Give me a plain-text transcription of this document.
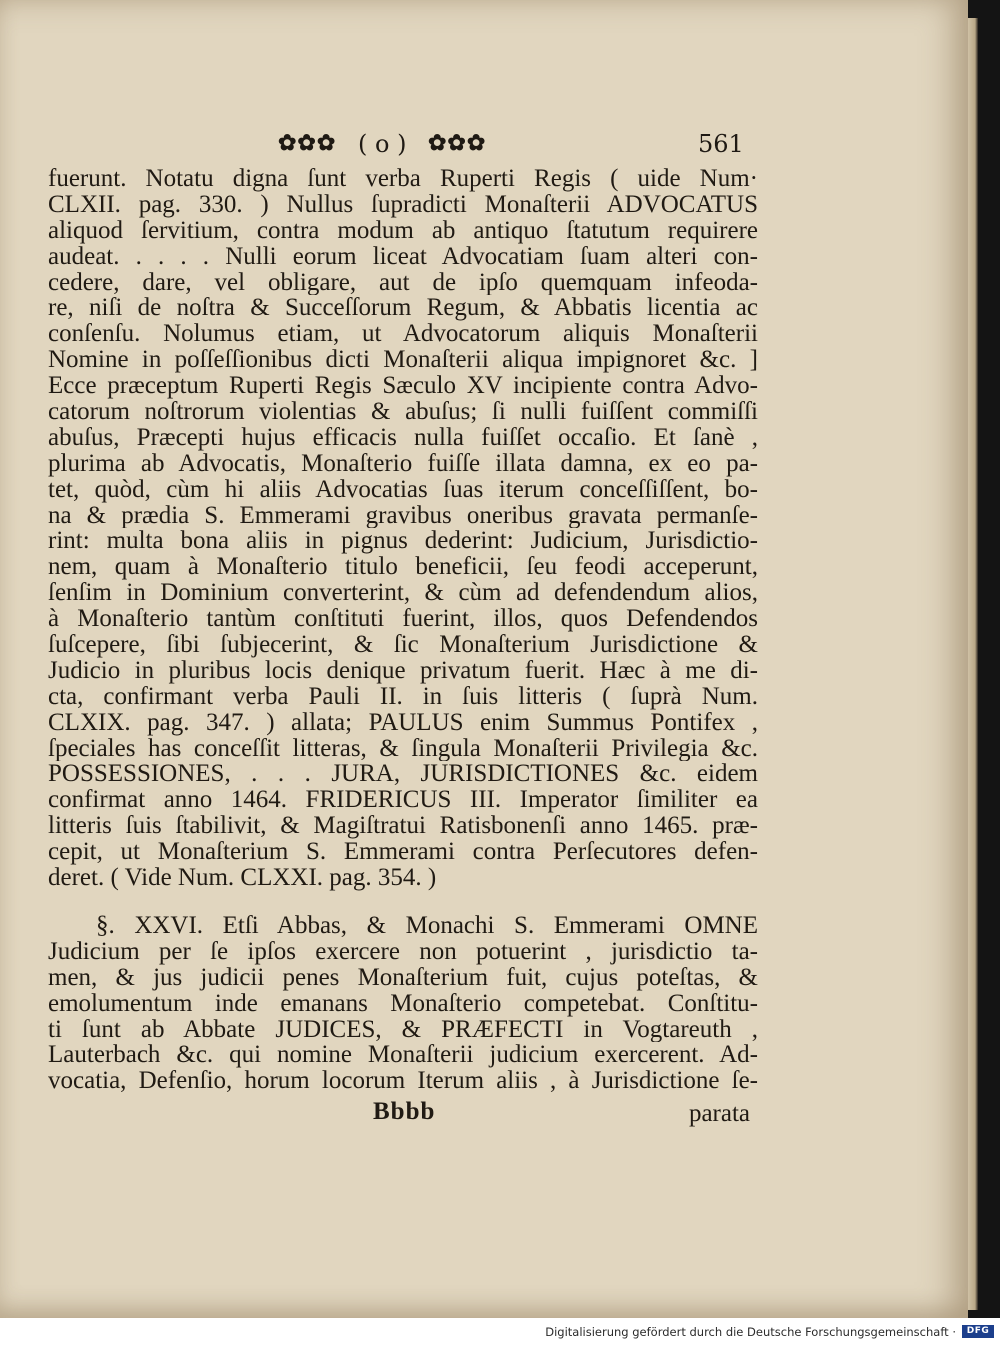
✿✿✿ ( o ) ✿✿✿	561
fuerunt. Notatu digna ſunt verba Ruperti Regis ( uide Num·
CLXII. pag. 330. ) Nullus ſupradicti Monaſterii ADVOCATUS
aliquod ſervitium, contra modum ab antiquo ſtatutum requirere
audeat. . . . . Nulli eorum liceat Advocatiam ſuam alteri con-
cedere, dare, vel obligare, aut de ipſo quemquam infeoda-
re, niſi de noſtra & Succeſſorum Regum, & Abbatis licentia ac
conſenſu. Nolumus etiam, ut Advocatorum aliquis Monaſterii
Nomine in poſſeſſionibus dicti Monaſterii aliqua impignoret &c. ]
Ecce præceptum Ruperti Regis Sæculo XV incipiente contra Advo-
catorum noſtrorum violentias & abuſus; ſi nulli fuiſſent commiſſi
abuſus, Præcepti hujus efficacis nulla fuiſſet occaſio. Et ſanè ,
plurima ab Advocatis, Monaſterio fuiſſe illata damna, ex eo pa-
tet, quòd, cùm hi aliis Advocatias ſuas iterum conceſſiſſent, bo-
na & prædia S. Emmerami gravibus oneribus gravata permanſe-
rint: multa bona aliis in pignus dederint: Judicium, Jurisdictio-
nem, quam à Monaſterio titulo beneficii, ſeu feodi acceperunt,
ſenſim in Dominium converterint, & cùm ad defendendum alios,
à Monaſterio tantùm conſtituti fuerint, illos, quos Defendendos
ſuſcepere, ſibi ſubjecerint, & ſic Monaſterium Jurisdictione &
Judicio in pluribus locis denique privatum fuerit. Hæc à me di-
cta, confirmant verba Pauli II. in ſuis litteris ( ſuprà Num.
CLXIX. pag. 347. ) allata; PAULUS enim Summus Pontifex ,
ſpeciales has conceſſit litteras, & ſingula Monaſterii Privilegia &c.
POSSESSIONES, . . . JURA, JURISDICTIONES &c. eidem
confirmat anno 1464. FRIDERICUS III. Imperator ſimiliter ea
litteris ſuis ſtabilivit, & Magiſtratui Ratisbonenſi anno 1465. præ-
cepit, ut Monaſterium S. Emmerami contra Perſecutores defen-
deret. ( Vide Num. CLXXI. pag. 354. )
§. XXVI. Etſi Abbas, & Monachi S. Emmerami OMNE
Judicium per ſe ipſos exercere non potuerint , jurisdictio ta-
men, & jus judicii penes Monaſterium fuit, cujus poteſtas, &
emolumentum inde emanans Monaſterio competebat. Conſtitu-
ti ſunt ab Abbate JUDICES, & PRÆFECTI in Vogtareuth ,
Lauterbach &c. qui nomine Monaſterii judicium exercerent. Ad-
vocatia, Defenſio, horum locorum Iterum aliis , à Jurisdictione ſe-
Bbbb	parata
Digitalisierung gefördert durch die Deutsche Forschungsgemeinschaft ·	DFG
